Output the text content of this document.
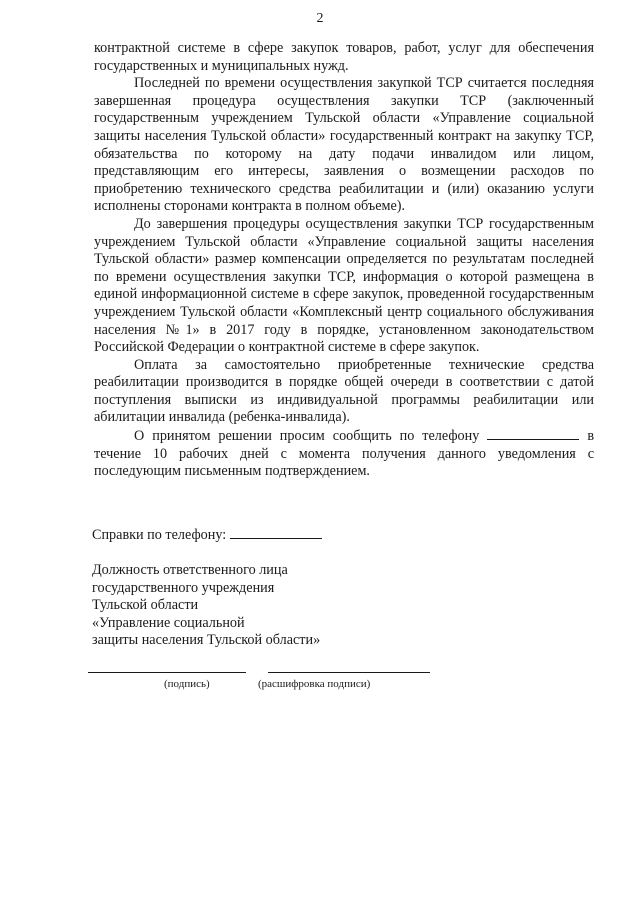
2

контрактной системе в сфере закупок товаров, работ, услуг для обеспечения государственных и муниципальных нужд.

Последней по времени осуществления закупкой ТСР считается последняя завершенная процедура осуществления закупки ТСР (заключенный государственным учреждением Тульской области «Управление социальной защиты населения Тульской области» государственный контракт на закупку ТСР, обязательства по которому на дату подачи инвалидом или лицом, представляющим его интересы, заявления о возмещении расходов по приобретению технического средства реабилитации и (или) оказанию услуги исполнены сторонами контракта в полном объеме).

До завершения процедуры осуществления закупки ТСР государственным учреждением Тульской области «Управление социальной защиты населения Тульской области» размер компенсации определяется по результатам последней по времени осуществления закупки ТСР, информация о которой размещена в единой информационной системе в сфере закупок, проведенной государственным учреждением Тульской области «Комплексный центр социального обслуживания населения №1» в 2017 году в порядке, установленном законодательством Российской Федерации о контрактной системе в сфере закупок.

Оплата за самостоятельно приобретенные технические средства реабилитации производится в порядке общей очереди в соответствии с датой поступления выписки из индивидуальной программы реабилитации или абилитации инвалида (ребенка-инвалида).

О принятом решении просим сообщить по телефону	в течение 10 рабочих дней с момента получения данного уведомления с последующим письменным подтверждением.

Справки по телефону:
Должность ответственного лица
государственного учреждения
Тульской области
«Управление социальной
защиты населения Тульской области»
(подпись)	(расшифровка подписи)
